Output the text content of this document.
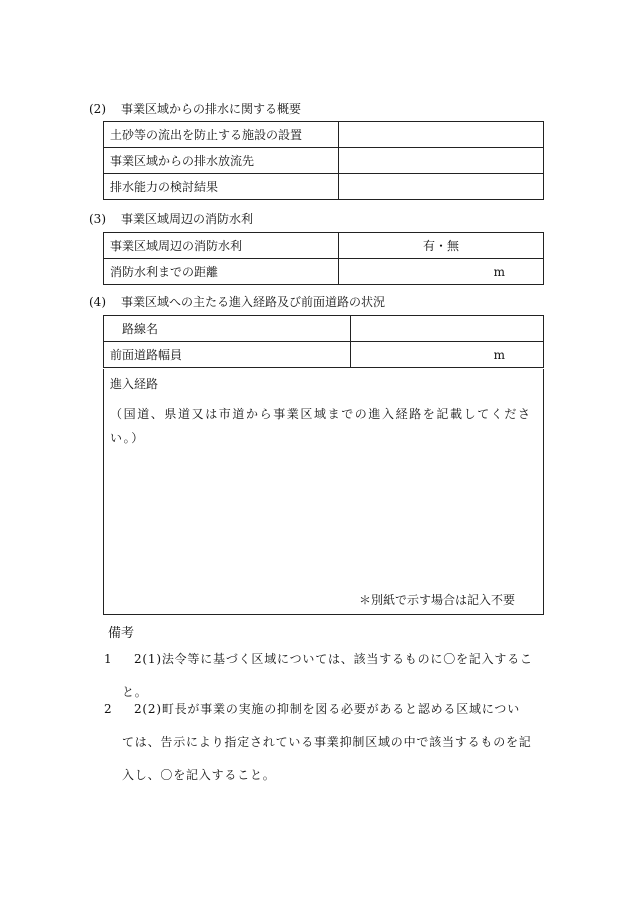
(2) 事業区域からの排水に関する概要
土砂等の流出を防止する施設の設置	
事業区域からの排水放流先	
排水能力の検討結果	
(3) 事業区域周辺の消防水利
事業区域周辺の消防水利	有・無
消防水利までの距離	m
(4) 事業区域への主たる進入経路及び前面道路の状況
路線名	
前面道路幅員	m
進入経路
（国道、県道又は市道から事業区域までの進入経路を記載してください。）
＊別紙で示す場合は記入不要
備考
1 2(1)法令等に基づく区域については、該当するものに〇を記入するこ
と。
2 2(2)町長が事業の実施の抑制を図る必要があると認める区域につい
ては、告示により指定されている事業抑制区域の中で該当するものを記
入し、〇を記入すること。
